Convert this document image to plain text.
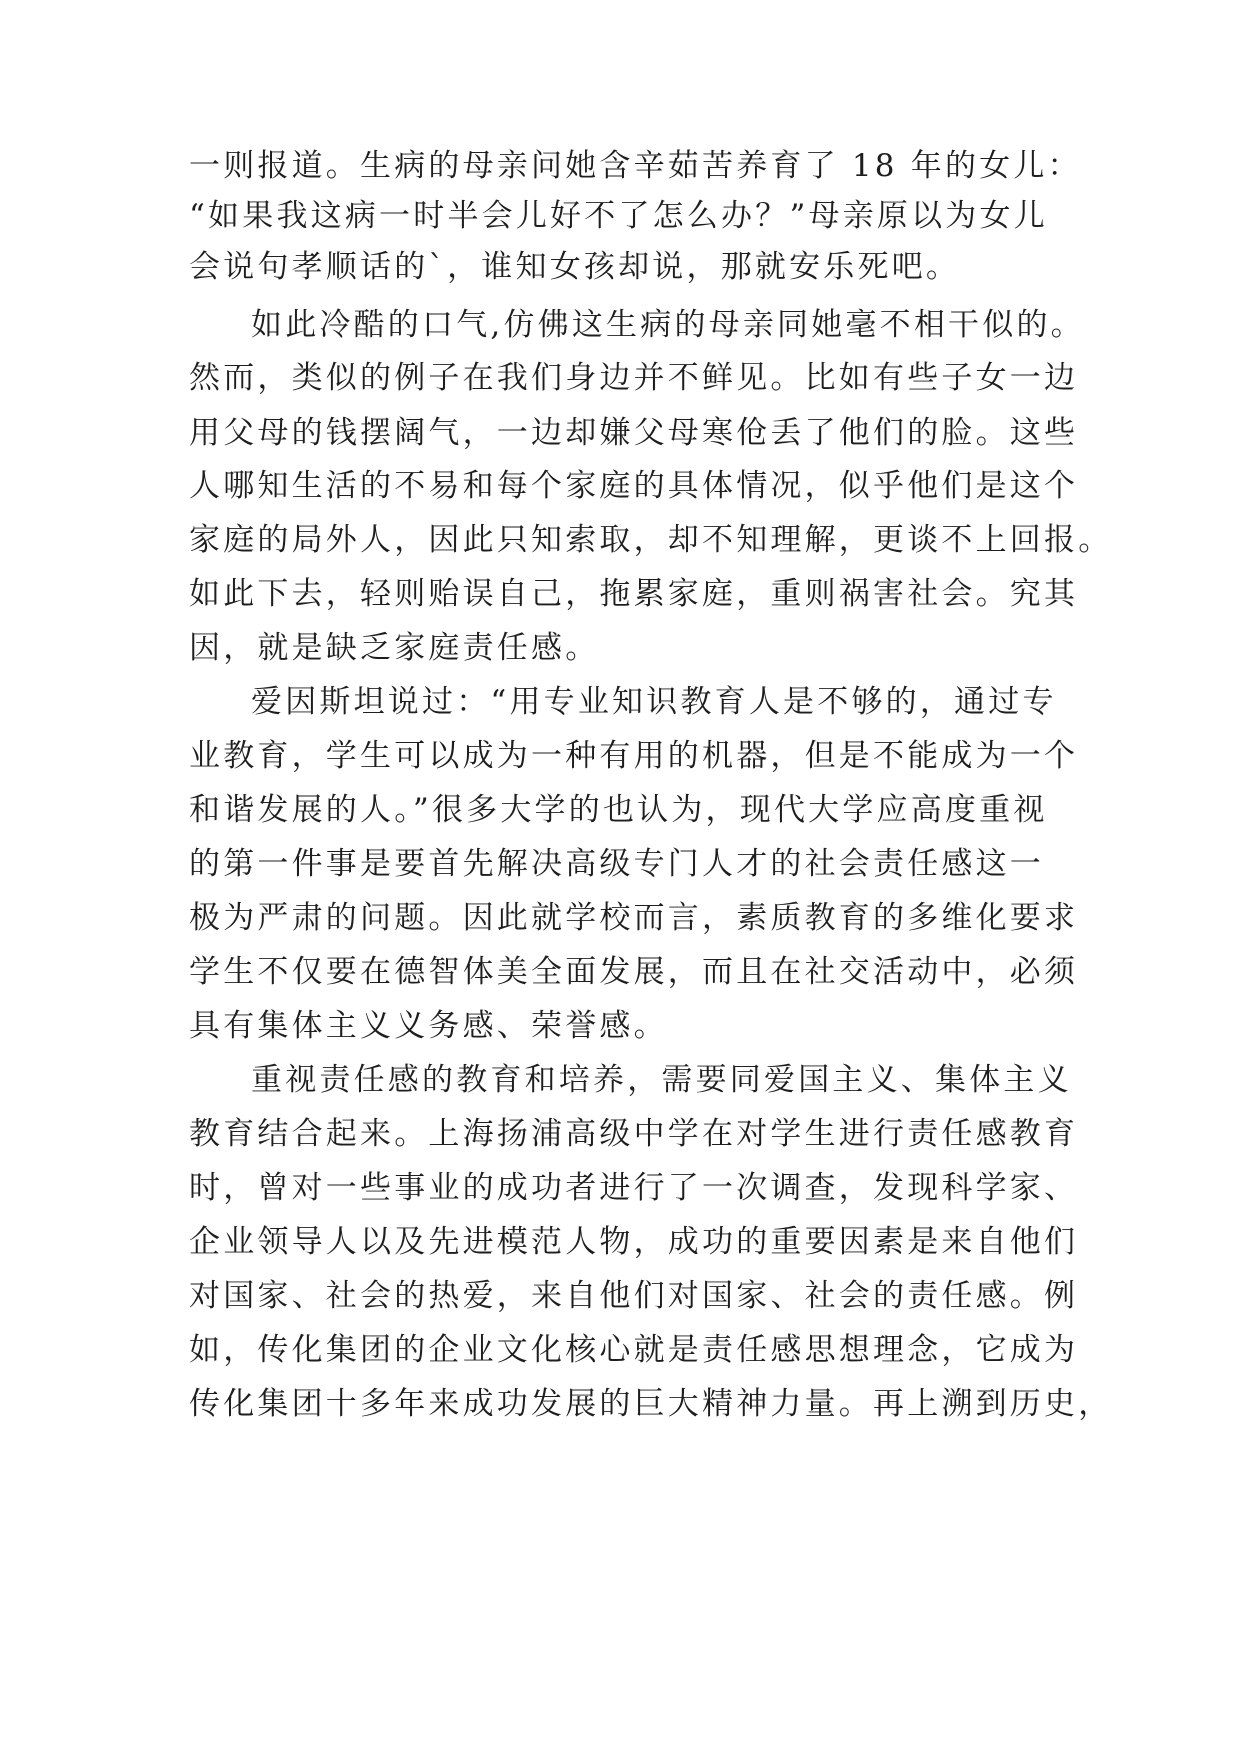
一则报道。生病的母亲问她含辛茹苦养育了 18 年的女儿：
“如果我这病一时半会儿好不了怎么办？”母亲原以为女儿
会说句孝顺话的`，谁知女孩却说，那就安乐死吧。
如此冷酷的口气,仿佛这生病的母亲同她毫不相干似的。
然而，类似的例子在我们身边并不鲜见。比如有些子女一边
用父母的钱摆阔气，一边却嫌父母寒伧丢了他们的脸。这些
人哪知生活的不易和每个家庭的具体情况，似乎他们是这个
家庭的局外人，因此只知索取，却不知理解，更谈不上回报。
如此下去，轻则贻误自己，拖累家庭，重则祸害社会。究其
因，就是缺乏家庭责任感。
爱因斯坦说过：“用专业知识教育人是不够的，通过专
业教育，学生可以成为一种有用的机器，但是不能成为一个
和谐发展的人。”很多大学的也认为，现代大学应高度重视
的第一件事是要首先解决高级专门人才的社会责任感这一
极为严肃的问题。因此就学校而言，素质教育的多维化要求
学生不仅要在德智体美全面发展，而且在社交活动中，必须
具有集体主义义务感、荣誉感。
重视责任感的教育和培养，需要同爱国主义、集体主义
教育结合起来。上海扬浦高级中学在对学生进行责任感教育
时，曾对一些事业的成功者进行了一次调查，发现科学家、
企业领导人以及先进模范人物，成功的重要因素是来自他们
对国家、社会的热爱，来自他们对国家、社会的责任感。例
如，传化集团的企业文化核心就是责任感思想理念，它成为
传化集团十多年来成功发展的巨大精神力量。再上溯到历史，
